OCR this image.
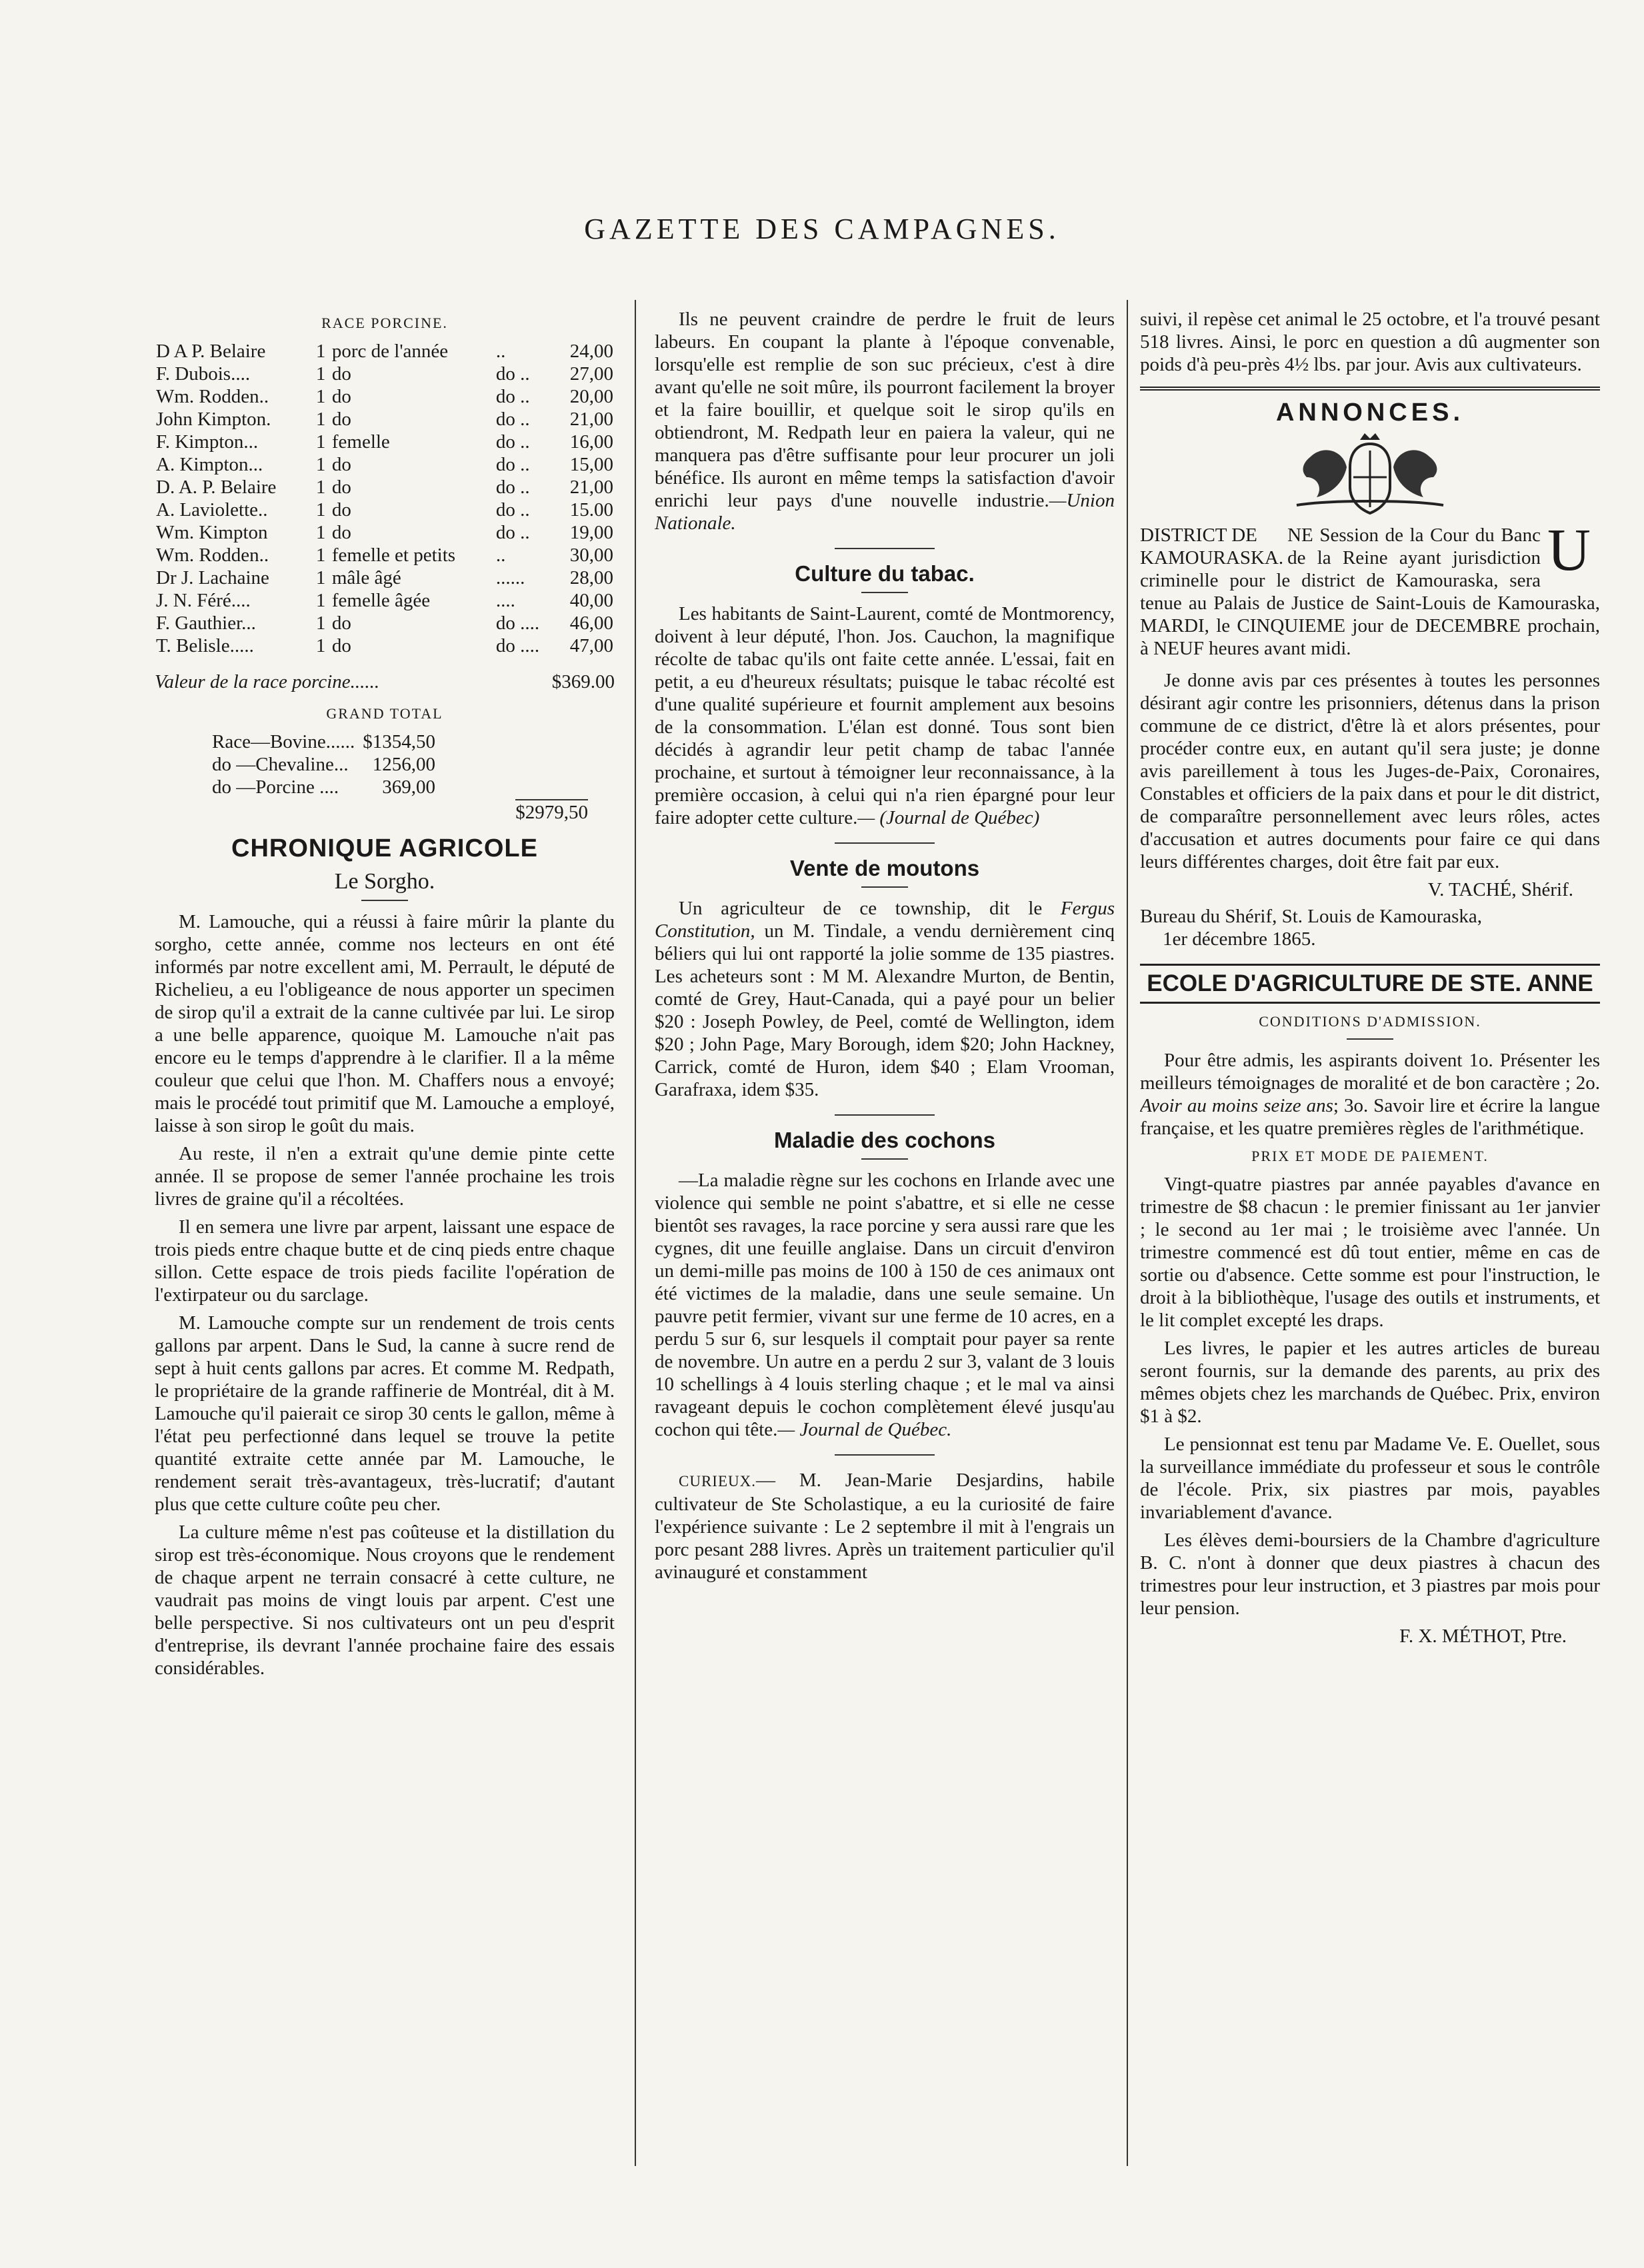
GAZETTE DES CAMPAGNES.
RACE PORCINE.
D A P. Belaire	1	porc de l'année	..	24,00
F. Dubois....	1	do	do ..	27,00
Wm. Rodden..	1	do	do ..	20,00
John Kimpton.	1	do	do ..	21,00
F. Kimpton...	1	femelle	do ..	16,00
A. Kimpton...	1	do	do ..	15,00
D. A. P. Belaire	1	do	do ..	21,00
A. Laviolette..	1	do	do ..	15.00
Wm. Kimpton	1	do	do ..	19,00
Wm. Rodden..	1	femelle et petits	..	30,00
Dr J. Lachaine	1	mâle âgé	......	28,00
J. N. Féré....	1	femelle âgée	....	40,00
F. Gauthier...	1	do	do ....	46,00
T. Belisle.....	1	do	do ....	47,00
Valeur de la race porcine......	$369.00
GRAND TOTAL
Race—Bovine......	$1354,50
do —Chevaline...	1256,00
do —Porcine ....	369,00
$2979,50
CHRONIQUE AGRICOLE
Le Sorgho.

M. Lamouche, qui a réussi à faire mûrir la plante du sorgho, cette année, comme nos lecteurs en ont été informés par notre excellent ami, M. Perrault, le député de Richelieu, a eu l'obligeance de nous apporter un specimen de sirop qu'il a extrait de la canne cultivée par lui. Le sirop a une belle apparence, quoique M. Lamouche n'ait pas encore eu le temps d'apprendre à le clarifier. Il a la même couleur que celui que l'hon. M. Chaffers nous a envoyé; mais le procédé tout primitif que M. Lamouche a employé, laisse à son sirop le goût du mais.

Au reste, il n'en a extrait qu'une demie pinte cette année. Il se propose de semer l'année prochaine les trois livres de graine qu'il a récoltées.

Il en semera une livre par arpent, laissant une espace de trois pieds entre chaque butte et de cinq pieds entre chaque sillon. Cette espace de trois pieds facilite l'opération de l'extirpateur ou du sarclage.

M. Lamouche compte sur un rendement de trois cents gallons par arpent. Dans le Sud, la canne à sucre rend de sept à huit cents gallons par acres. Et comme M. Redpath, le propriétaire de la grande raffinerie de Montréal, dit à M. Lamouche qu'il paierait ce sirop 30 cents le gallon, même à l'état peu perfectionné dans lequel se trouve la petite quantité extraite cette année par M. Lamouche, le rendement serait très-avantageux, très-lucratif; d'autant plus que cette culture coûte peu cher.

La culture même n'est pas coûteuse et la distillation du sirop est très-économique. Nous croyons que le rendement de chaque arpent ne terrain consacré à cette culture, ne vaudrait pas moins de vingt louis par arpent. C'est une belle perspective. Si nos cultivateurs ont un peu d'esprit d'entreprise, ils devrant l'année prochaine faire des essais considérables.

Ils ne peuvent craindre de perdre le fruit de leurs labeurs. En coupant la plante à l'époque convenable, lorsqu'elle est remplie de son suc précieux, c'est à dire avant qu'elle ne soit mûre, ils pourront facilement la broyer et la faire bouillir, et quelque soit le sirop qu'ils en obtiendront, M. Redpath leur en paiera la valeur, qui ne manquera pas d'être suffisante pour leur procurer un joli bénéfice. Ils auront en même temps la satisfaction d'avoir enrichi leur pays d'une nouvelle industrie.—Union Nationale.

Culture du tabac.

Les habitants de Saint-Laurent, comté de Montmorency, doivent à leur député, l'hon. Jos. Cauchon, la magnifique récolte de tabac qu'ils ont faite cette année. L'essai, fait en petit, a eu d'heureux résultats; puisque le tabac récolté est d'une qualité supérieure et fournit amplement aux besoins de la consommation. L'élan est donné. Tous sont bien décidés à agrandir leur petit champ de tabac l'année prochaine, et surtout à témoigner leur reconnaissance, à la première occasion, à celui qui n'a rien épargné pour leur faire adopter cette culture.— (Journal de Québec)

Vente de moutons

Un agriculteur de ce township, dit le Fergus Constitution, un M. Tindale, a vendu dernièrement cinq béliers qui lui ont rapporté la jolie somme de 135 piastres. Les acheteurs sont : M M. Alexandre Murton, de Bentin, comté de Grey, Haut-Canada, qui a payé pour un belier $20 : Joseph Powley, de Peel, comté de Wellington, idem $20 ; John Page, Mary Borough, idem $20; John Hackney, Carrick, comté de Huron, idem $40 ; Elam Vrooman, Garafraxa, idem $35.

Maladie des cochons

—La maladie règne sur les cochons en Irlande avec une violence qui semble ne point s'abattre, et si elle ne cesse bientôt ses ravages, la race porcine y sera aussi rare que les cygnes, dit une feuille anglaise. Dans un circuit d'environ un demi-mille pas moins de 100 à 150 de ces animaux ont été victimes de la maladie, dans une seule semaine. Un pauvre petit fermier, vivant sur une ferme de 10 acres, en a perdu 5 sur 6, sur lesquels il comptait pour payer sa rente de novembre. Un autre en a perdu 2 sur 3, valant de 3 louis 10 schellings à 4 louis sterling chaque ; et le mal va ainsi ravageant depuis le cochon complètement élevé jusqu'au cochon qui tête.— Journal de Québec.

CURIEUX.— M. Jean-Marie Desjardins, habile cultivateur de Ste Scholastique, a eu la curiosité de faire l'expérience suivante : Le 2 septembre il mit à l'engrais un porc pesant 288 livres. Après un traitement particulier qu'il avinauguré et constamment

suivi, il repèse cet animal le 25 octobre, et l'a trouvé pesant 518 livres. Ainsi, le porc en question a dû augmenter son poids d'à peu-près 4½ lbs. par jour. Avis aux cultivateurs.

ANNONCES.
U
DISTRICT DE
KAMOURASKA.
NE Session de la Cour du Banc de la Reine ayant jurisdiction criminelle pour le district de Kamouraska, sera tenue au Palais de Justice de Saint-Louis de Kamouraska, MARDI, le CINQUIEME jour de DECEMBRE prochain, à NEUF heures avant midi.

Je donne avis par ces présentes à toutes les personnes désirant agir contre les prisonniers, détenus dans la prison commune de ce district, d'être là et alors présentes, pour procéder contre eux, en autant qu'il sera juste; je donne avis pareillement à tous les Juges-de-Paix, Coronaires, Constables et officiers de la paix dans et pour le dit district, de comparaître personnellement avec leurs rôles, actes d'accusation et autres documents pour faire ce qui dans leurs différentes charges, doit être fait par eux.

V. TACHÉ, Shérif.
Bureau du Shérif, St. Louis de Kamouraska,
1er décembre 1865.
ECOLE D'AGRICULTURE DE STE. ANNE
CONDITIONS D'ADMISSION.

Pour être admis, les aspirants doivent 1o. Présenter les meilleurs témoignages de moralité et de bon caractère ; 2o. Avoir au moins seize ans; 3o. Savoir lire et écrire la langue française, et les quatre premières règles de l'arithmétique.

PRIX ET MODE DE PAIEMENT.

Vingt-quatre piastres par année payables d'avance en trimestre de $8 chacun : le premier finissant au 1er janvier ; le second au 1er mai ; le troisième avec l'année. Un trimestre commencé est dû tout entier, même en cas de sortie ou d'absence. Cette somme est pour l'instruction, le droit à la bibliothèque, l'usage des outils et instruments, et le lit complet excepté les draps.

Les livres, le papier et les autres articles de bureau seront fournis, sur la demande des parents, au prix des mêmes objets chez les marchands de Québec. Prix, environ $1 à $2.

Le pensionnat est tenu par Madame Ve. E. Ouellet, sous la surveillance immédiate du professeur et sous le contrôle de l'école. Prix, six piastres par mois, payables invariablement d'avance.

Les élèves demi-boursiers de la Chambre d'agriculture B. C. n'ont à donner que deux piastres à chacun des trimestres pour leur instruction, et 3 piastres par mois pour leur pension.

F. X. MÉTHOT, Ptre.
